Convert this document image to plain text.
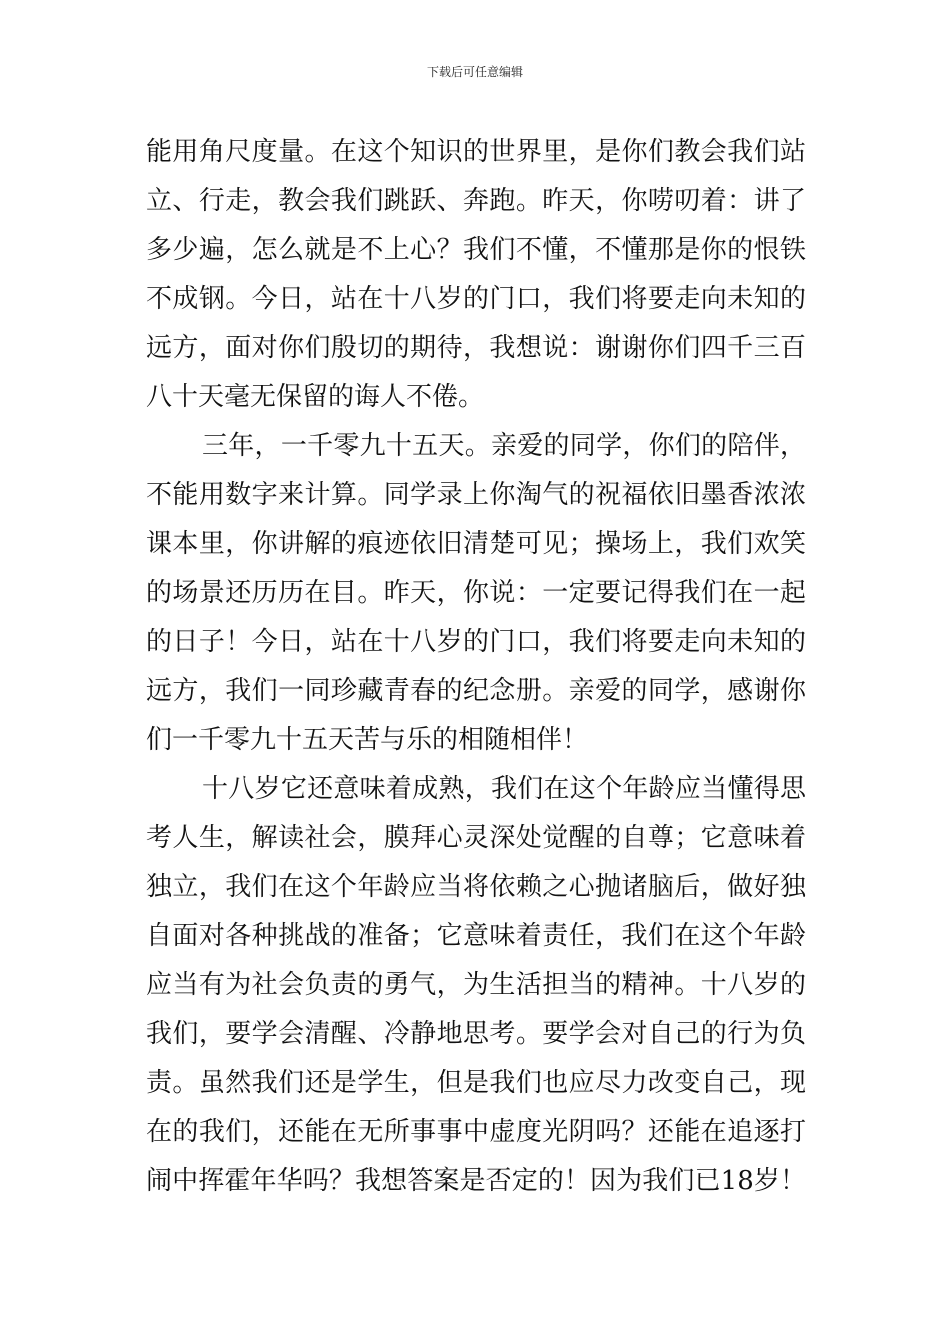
下载后可任意编辑
能用角尺度量。在这个知识的世界里，是你们教会我们站
立、行走，教会我们跳跃、奔跑。昨天，你唠叨着：讲了
多少遍，怎么就是不上心？我们不懂，不懂那是你的恨铁
不成钢。今日，站在十八岁的门口，我们将要走向未知的
远方，面对你们殷切的期待，我想说：谢谢你们四千三百
八十天毫无保留的诲人不倦。
三年，一千零九十五天。亲爱的同学，你们的陪伴，
不能用数字来计算。同学录上你淘气的祝福依旧墨香浓浓
课本里，你讲解的痕迹依旧清楚可见；操场上，我们欢笑
的场景还历历在目。昨天，你说：一定要记得我们在一起
的日子！今日，站在十八岁的门口，我们将要走向未知的
远方，我们一同珍藏青春的纪念册。亲爱的同学，感谢你
们一千零九十五天苦与乐的相随相伴！
十八岁它还意味着成熟，我们在这个年龄应当懂得思
考人生，解读社会，膜拜心灵深处觉醒的自尊；它意味着
独立，我们在这个年龄应当将依赖之心抛诸脑后，做好独
自面对各种挑战的准备；它意味着责任，我们在这个年龄
应当有为社会负责的勇气，为生活担当的精神。十八岁的
我们，要学会清醒、冷静地思考。要学会对自己的行为负
责。虽然我们还是学生，但是我们也应尽力改变自己，现
在的我们，还能在无所事事中虚度光阴吗？还能在追逐打
闹中挥霍年华吗？我想答案是否定的！因为我们已18岁！
